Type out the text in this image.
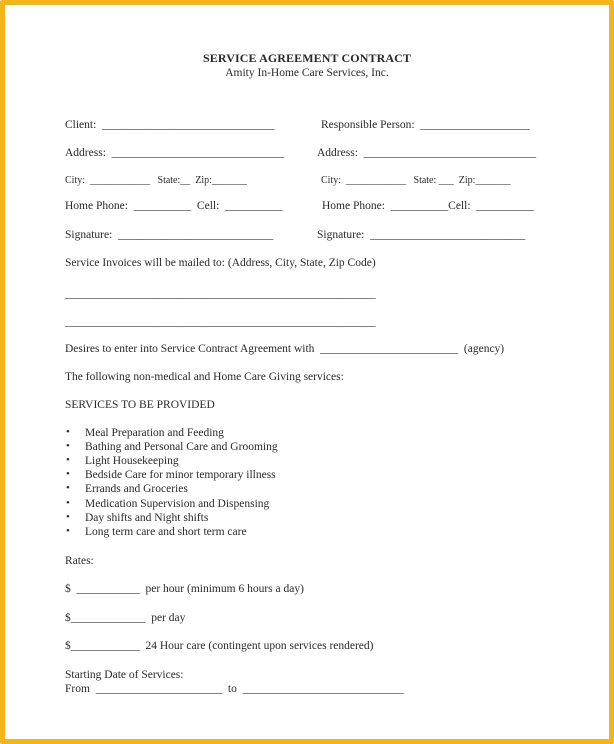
SERVICE AGREEMENT CONTRACT
Amity In-Home Care Services, Inc.
Client:  ______________________________	Responsible Person:  ___________________
Address:  ______________________________	Address:  ______________________________
City:  ____________   State:__  Zip:_______	City:  ____________   State: ___  Zip:_______
Home Phone:  __________  Cell:  __________	Home Phone:  __________Cell:  __________
Signature:  ___________________________	Signature:  ___________________________
Service Invoices will be mailed to: (Address, City, State, Zip Code)
______________________________________________________
______________________________________________________
Desires to enter into Service Contract Agreement with  ________________________  (agency)
The following non-medical and Home Care Giving services:
SERVICES TO BE PROVIDED
• Meal Preparation and Feeding
• Bathing and Personal Care and Grooming
• Light Housekeeping
• Bedside Care for minor temporary illness
• Errands and Groceries
• Medication Supervision and Dispensing
• Day shifts and Night shifts
• Long term care and short term care
Rates:
$  ___________  per hour (minimum 6 hours a day)
$_____________  per day
$____________  24 Hour care (contingent upon services rendered)
Starting Date of Services:
From  ______________________  to  ____________________________
